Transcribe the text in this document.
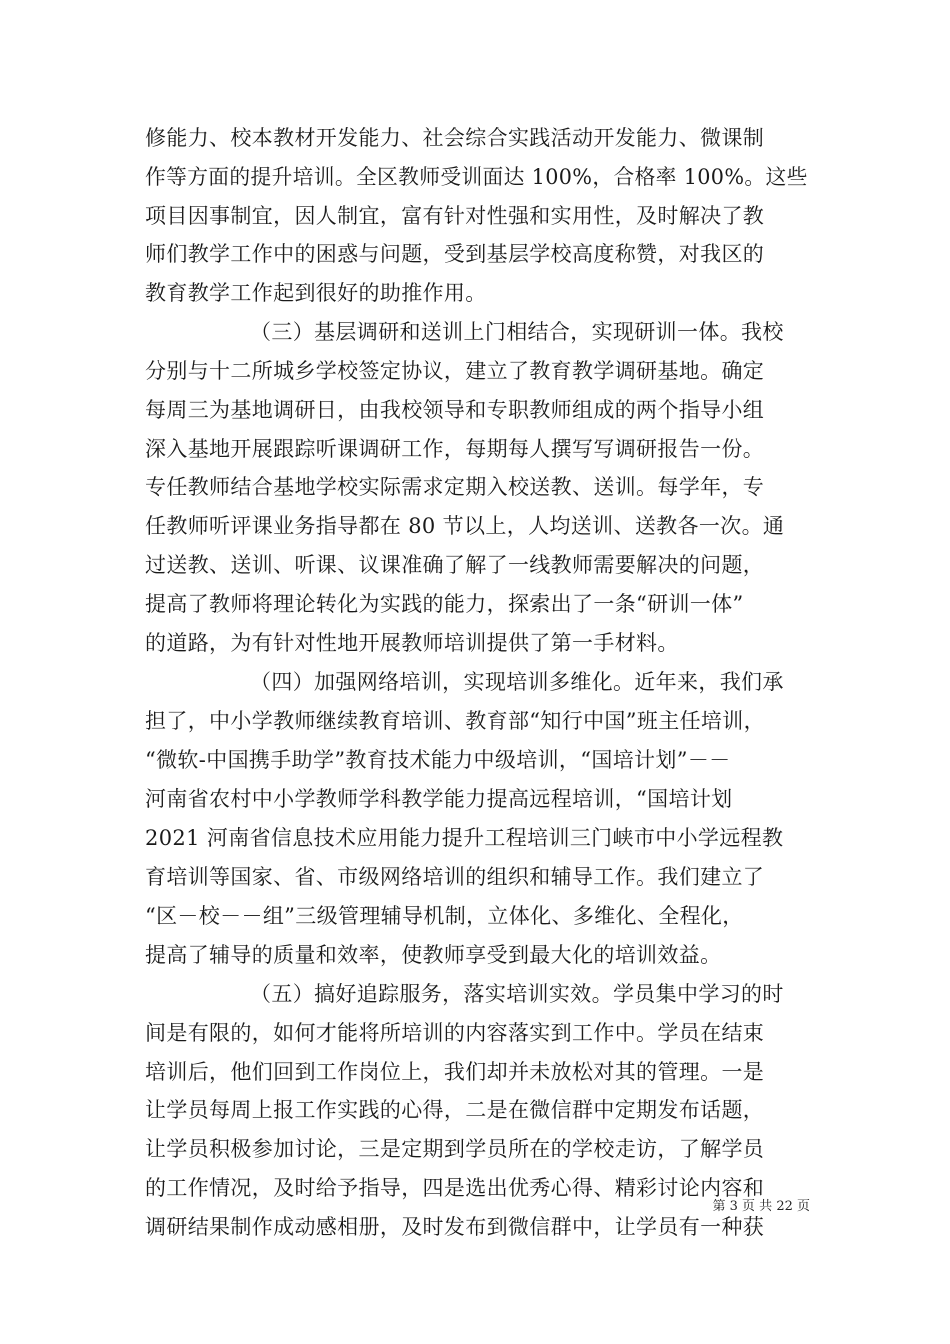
修能力、校本教材开发能力、社会综合实践活动开发能力、微课制
作等方面的提升培训。全区教师受训面达 100%，合格率 100%。这些
项目因事制宜，因人制宜，富有针对性强和实用性，及时解决了教
师们教学工作中的困惑与问题，受到基层学校高度称赞，对我区的
教育教学工作起到很好的助推作用。
（三）基层调研和送训上门相结合，实现研训一体。我校
分别与十二所城乡学校签定协议，建立了教育教学调研基地。确定
每周三为基地调研日，由我校领导和专职教师组成的两个指导小组
深入基地开展跟踪听课调研工作，每期每人撰写写调研报告一份。
专任教师结合基地学校实际需求定期入校送教、送训。每学年，专
任教师听评课业务指导都在 80 节以上，人均送训、送教各一次。通
过送教、送训、听课、议课准确了解了一线教师需要解决的问题，
提高了教师将理论转化为实践的能力，探索出了一条“研训一体”
的道路，为有针对性地开展教师培训提供了第一手材料。
（四）加强网络培训，实现培训多维化。近年来，我们承
担了，中小学教师继续教育培训、教育部“知行中国”班主任培训，
“微软-中国携手助学”教育技术能力中级培训，“国培计划”－－
河南省农村中小学教师学科教学能力提高远程培训，“国培计划
2021 河南省信息技术应用能力提升工程培训三门峡市中小学远程教
育培训等国家、省、市级网络培训的组织和辅导工作。我们建立了
“区－校－－组”三级管理辅导机制，立体化、多维化、全程化，
提高了辅导的质量和效率，使教师享受到最大化的培训效益。
（五）搞好追踪服务，落实培训实效。学员集中学习的时
间是有限的，如何才能将所培训的内容落实到工作中。学员在结束
培训后，他们回到工作岗位上，我们却并未放松对其的管理。一是
让学员每周上报工作实践的心得，二是在微信群中定期发布话题，
让学员积极参加讨论，三是定期到学员所在的学校走访，了解学员
的工作情况，及时给予指导，四是选出优秀心得、精彩讨论内容和
调研结果制作成动感相册，及时发布到微信群中，让学员有一种获
第 3 页 共 22 页
